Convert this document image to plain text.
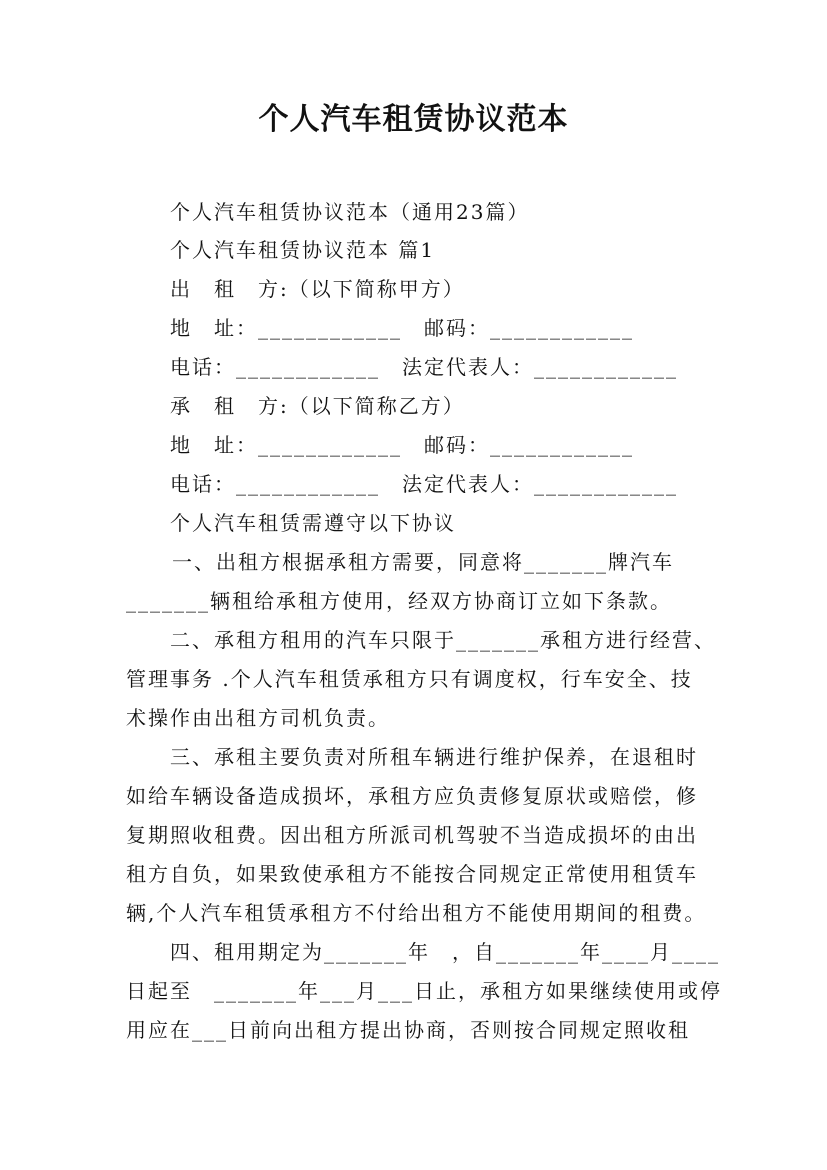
个人汽车租赁协议范本
个人汽车租赁协议范本（通用23篇）
个人汽车租赁协议范本 篇1
出　租　方:（以下简称甲方）
地　址：____________　邮码：____________
电话：____________　法定代表人：____________
承　租　方:（以下简称乙方）
地　址：____________　邮码：____________
电话：____________　法定代表人：____________
个人汽车租赁需遵守以下协议
一、出租方根据承租方需要，同意将_______牌汽车
_______辆租给承租方使用，经双方协商订立如下条款。
二、承租方租用的汽车只限于_______承租方进行经营、
管理事务 .个人汽车租赁承租方只有调度权，行车安全、技
术操作由出租方司机负责。
三、承租主要负责对所租车辆进行维护保养，在退租时
如给车辆设备造成损坏，承租方应负责修复原状或赔偿，修
复期照收租费。因出租方所派司机驾驶不当造成损坏的由出
租方自负，如果致使承租方不能按合同规定正常使用租赁车
辆,个人汽车租赁承租方不付给出租方不能使用期间的租费。
四、租用期定为_______年　，自_______年____月____
日起至　_______年___月___日止，承租方如果继续使用或停
用应在___日前向出租方提出协商，否则按合同规定照收租
